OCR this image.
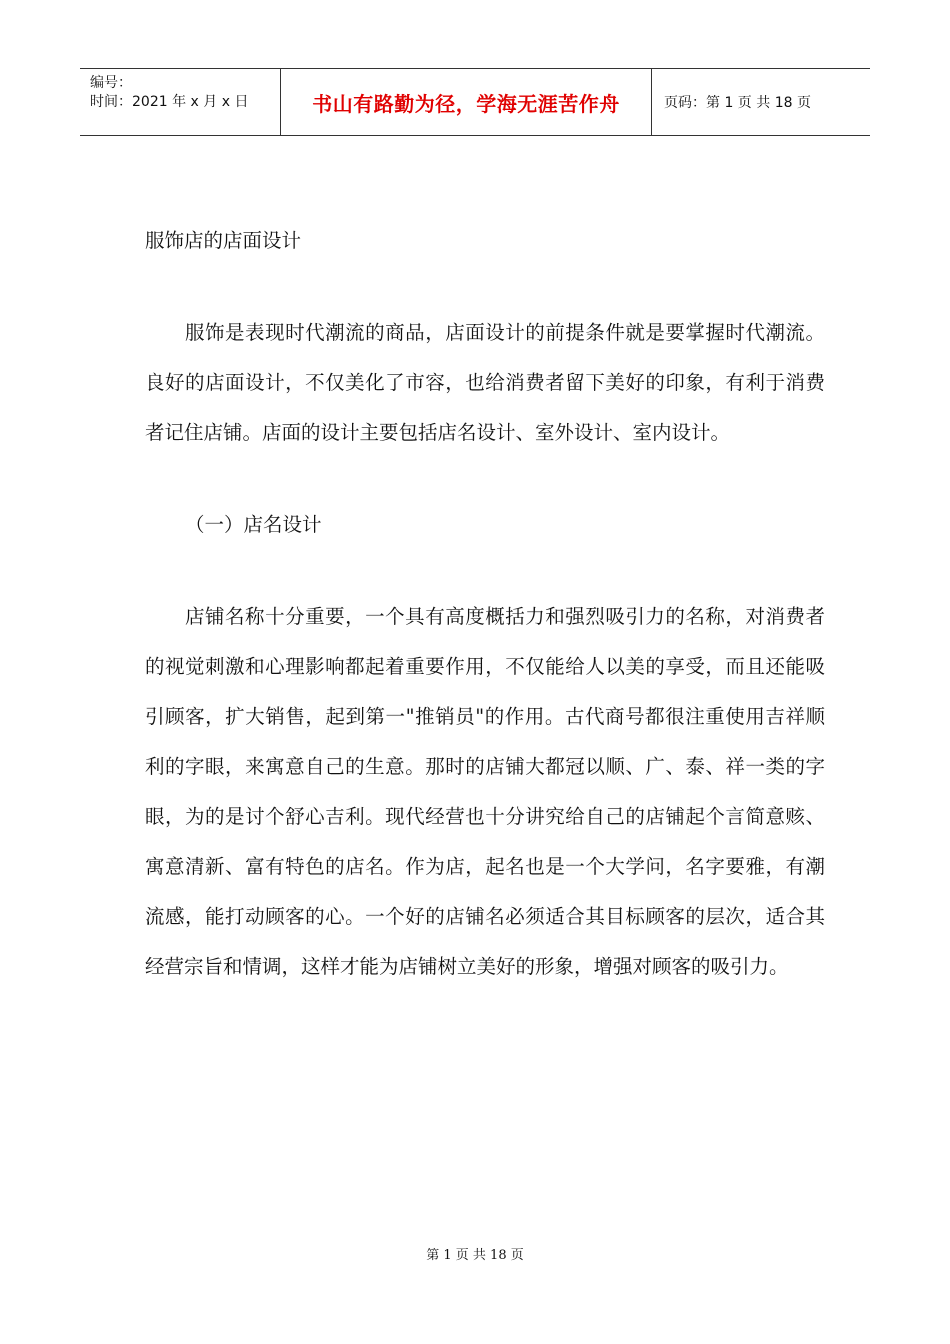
编号：
时间：2021 年 x 月 x 日	书山有路勤为径，学海无涯苦作舟	页码：第 1 页 共 18 页

服饰店的店面设计

服饰是表现时代潮流的商品，店面设计的前提条件就是要掌握时代潮流。良好的店面设计，不仅美化了市容，也给消费者留下美好的印象，有利于消费者记住店铺。店面的设计主要包括店名设计、室外设计、室内设计。

（一）店名设计

店铺名称十分重要，一个具有高度概括力和强烈吸引力的名称，对消费者的视觉刺激和心理影响都起着重要作用，不仅能给人以美的享受，而且还能吸引顾客，扩大销售，起到第一"推销员"的作用。古代商号都很注重使用吉祥顺利的字眼，来寓意自己的生意。那时的店铺大都冠以顺、广、泰、祥一类的字眼，为的是讨个舒心吉利。现代经营也十分讲究给自己的店铺起个言简意赅、寓意清新、富有特色的店名。作为店，起名也是一个大学问，名字要雅，有潮流感，能打动顾客的心。一个好的店铺名必须适合其目标顾客的层次，适合其经营宗旨和情调，这样才能为店铺树立美好的形象，增强对顾客的吸引力。

第 1 页 共 18 页
